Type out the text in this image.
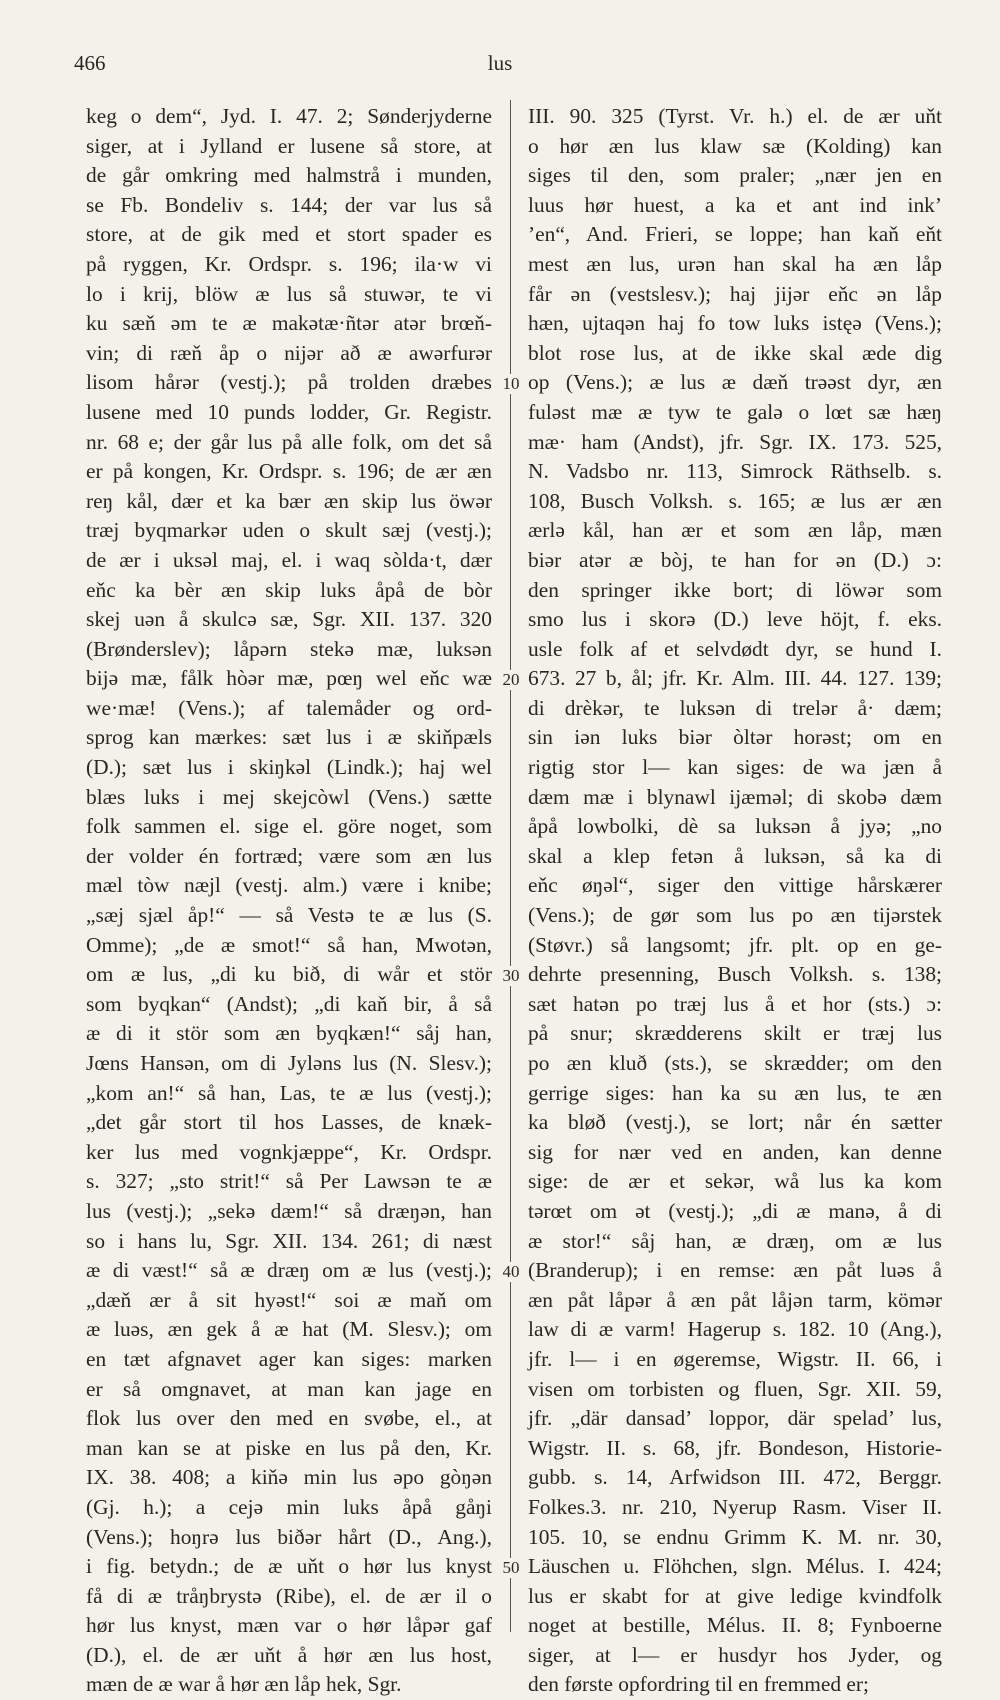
466	lus
keg o dem“, Jyd. I. 47. 2; Sønderjyderne
siger, at i Jylland er lusene så store, at
de går omkring med halmstrå i munden,
se Fb. Bondeliv s. 144; der var lus så
store, at de gik med et stort spader es
på ryggen, Kr. Ordspr. s. 196; ila·w vi
lo i krij, blöw æ lus så stuwər, te vi
ku sæň əm te æ makətæ·ñtər atər brœň-
vin; di ræň åp o nijər að æ awərfurər
lisom hårər (vestj.); på trolden dræbes
lusene med 10 punds lodder, Gr. Registr.
nr. 68 e; der går lus på alle folk, om det så
er på kongen, Kr. Ordspr. s. 196; de ær æn
reŋ kål, dær et ka bær æn skip lus öwər
træj byqmarkər uden o skult sæj (vestj.);
de ær i uksəl maj, el. i waq sòlda·t, dær
eňc ka bèr æn skip luks åpå de bòr
skej uən å skulcə sæ, Sgr. XII. 137. 320
(Brønderslev); låpərn stekə mæ, luksən
bijə mæ, fålk hòər mæ, pœŋ wel eňc wæ
we·mæ! (Vens.); af talemåder og ord-
sprog kan mærkes: sæt lus i æ skiňpæls
(D.); sæt lus i skiŋkəl (Lindk.); haj wel
blæs luks i mej skejcòwl (Vens.) sætte
folk sammen el. sige el. göre noget, som
der volder én fortræd; være som æn lus
mæl tòw næjl (vestj. alm.) være i knibe;
„sæj sjæl åp!“ — så Vestə te æ lus (S.
Omme); „de æ smot!“ så han, Mwotən,
om æ lus, „di ku bið, di wår et stör
som byqkan“ (Andst); „di kaň bir, å så
æ di it stör som æn byqkæn!“ såj han,
Jœns Hansən, om di Jyləns lus (N. Slesv.);
„kom an!“ så han, Las, te æ lus (vestj.);
„det går stort til hos Lasses, de knæk-
ker lus med vognkjæppe“, Kr. Ordspr.
s. 327; „sto strit!“ så Per Lawsən te æ
lus (vestj.); „sekə dæm!“ så dræŋən, han
so i hans lu, Sgr. XII. 134. 261; di næst
æ di væst!“ så æ dræŋ om æ lus (vestj.);
„dæň ær å sit hyəst!“ soi æ maň om
æ luəs, æn gek å æ hat (M. Slesv.); om
en tæt afgnavet ager kan siges: marken
er så omgnavet, at man kan jage en
flok lus over den med en svøbe, el., at
man kan se at piske en lus på den, Kr.
IX. 38. 408; a kiňə min lus əpo gòŋən
(Gj. h.); a cejə min luks åpå gåŋi
(Vens.); hoŋrə lus biðər hårt (D., Ang.),
i fig. betydn.; de æ uňt o hør lus knyst
få di æ tråŋbrystə (Ribe), el. de ær il o
hør lus knyst, mæn var o hør låpər gaf
(D.), el. de ær uňt å hør æn lus host,
mæn de æ war å hør æn låp hek, Sgr.
III. 90. 325 (Tyrst. Vr. h.) el. de ær uňt
o hør æn lus klaw sæ (Kolding) kan
siges til den, som praler; „nær jen en
luus hør huest, a ka et ant ind ink’
’en“, And. Frieri, se loppe; han kaň eňt
mest æn lus, urən han skal ha æn låp
får ən (vestslesv.); haj jijər eňc ən låp
hæn, ujtaqən haj fo tow luks istęə (Vens.);
blot rose lus, at de ikke skal æde dig
op (Vens.); æ lus æ dæň trəəst dyr, æn
fuləst mæ æ tyw te galə o lœt sæ hæŋ
mæ· ham (Andst), jfr. Sgr. IX. 173. 525,
N. Vadsbo nr. 113, Simrock Räthselb. s.
108, Busch Volksh. s. 165; æ lus ær æn
ærlə kål, han ær et som æn låp, mæn
biər atər æ bòj, te han for ən (D.) ɔ:
den springer ikke bort; di löwər som
smo lus i skorə (D.) leve höjt, f. eks.
usle folk af et selvdødt dyr, se hund I.
673. 27 b, ål; jfr. Kr. Alm. III. 44. 127. 139;
di drèkər, te luksən di trelər å· dæm;
sin iən luks biər òltər horəst; om en
rigtig stor l— kan siges: de wa jæn å
dæm mæ i blynawl ijæməl; di skobə dæm
åpå lowbolki, dè sa luksən å jyə; „no
skal a klep fetən å luksən, så ka di
eňc øŋəl“, siger den vittige hårskærer
(Vens.); de gør som lus po æn tijərstek
(Støvr.) så langsomt; jfr. plt. op en ge-
dehrte presenning, Busch Volksh. s. 138;
sæt hatən po træj lus å et hor (sts.) ɔ:
på snur; skrædderens skilt er træj lus
po æn kluð (sts.), se skrædder; om den
gerrige siges: han ka su æn lus, te æn
ka bløð (vestj.), se lort; når én sætter
sig for nær ved en anden, kan denne
sige: de ær et sekər, wå lus ka kom
tərœt om ət (vestj.); „di æ manə, å di
æ stor!“ såj han, æ dræŋ, om æ lus
(Branderup); i en remse: æn påt luəs å
æn påt låpər å æn påt låjən tarm, kömər
law di æ varm! Hagerup s. 182. 10 (Ang.),
jfr. l— i en øgeremse, Wigstr. II. 66, i
visen om torbisten og fluen, Sgr. XII. 59,
jfr. „där dansad’ loppor, där spelad’ lus,
Wigstr. II. s. 68, jfr. Bondeson, Historie-
gubb. s. 14, Arfwidson III. 472, Berggr.
Folkes.3. nr. 210, Nyerup Rasm. Viser II.
105. 10, se endnu Grimm K. M. nr. 30,
Läuschen u. Flöhchen, slgn. Mélus. I. 424;
lus er skabt for at give ledige kvindfolk
noget at bestille, Mélus. II. 8; Fynboerne
siger, at l— er husdyr hos Jyder, og
den første opfordring til en fremmed er;
10
20
30
40
50
